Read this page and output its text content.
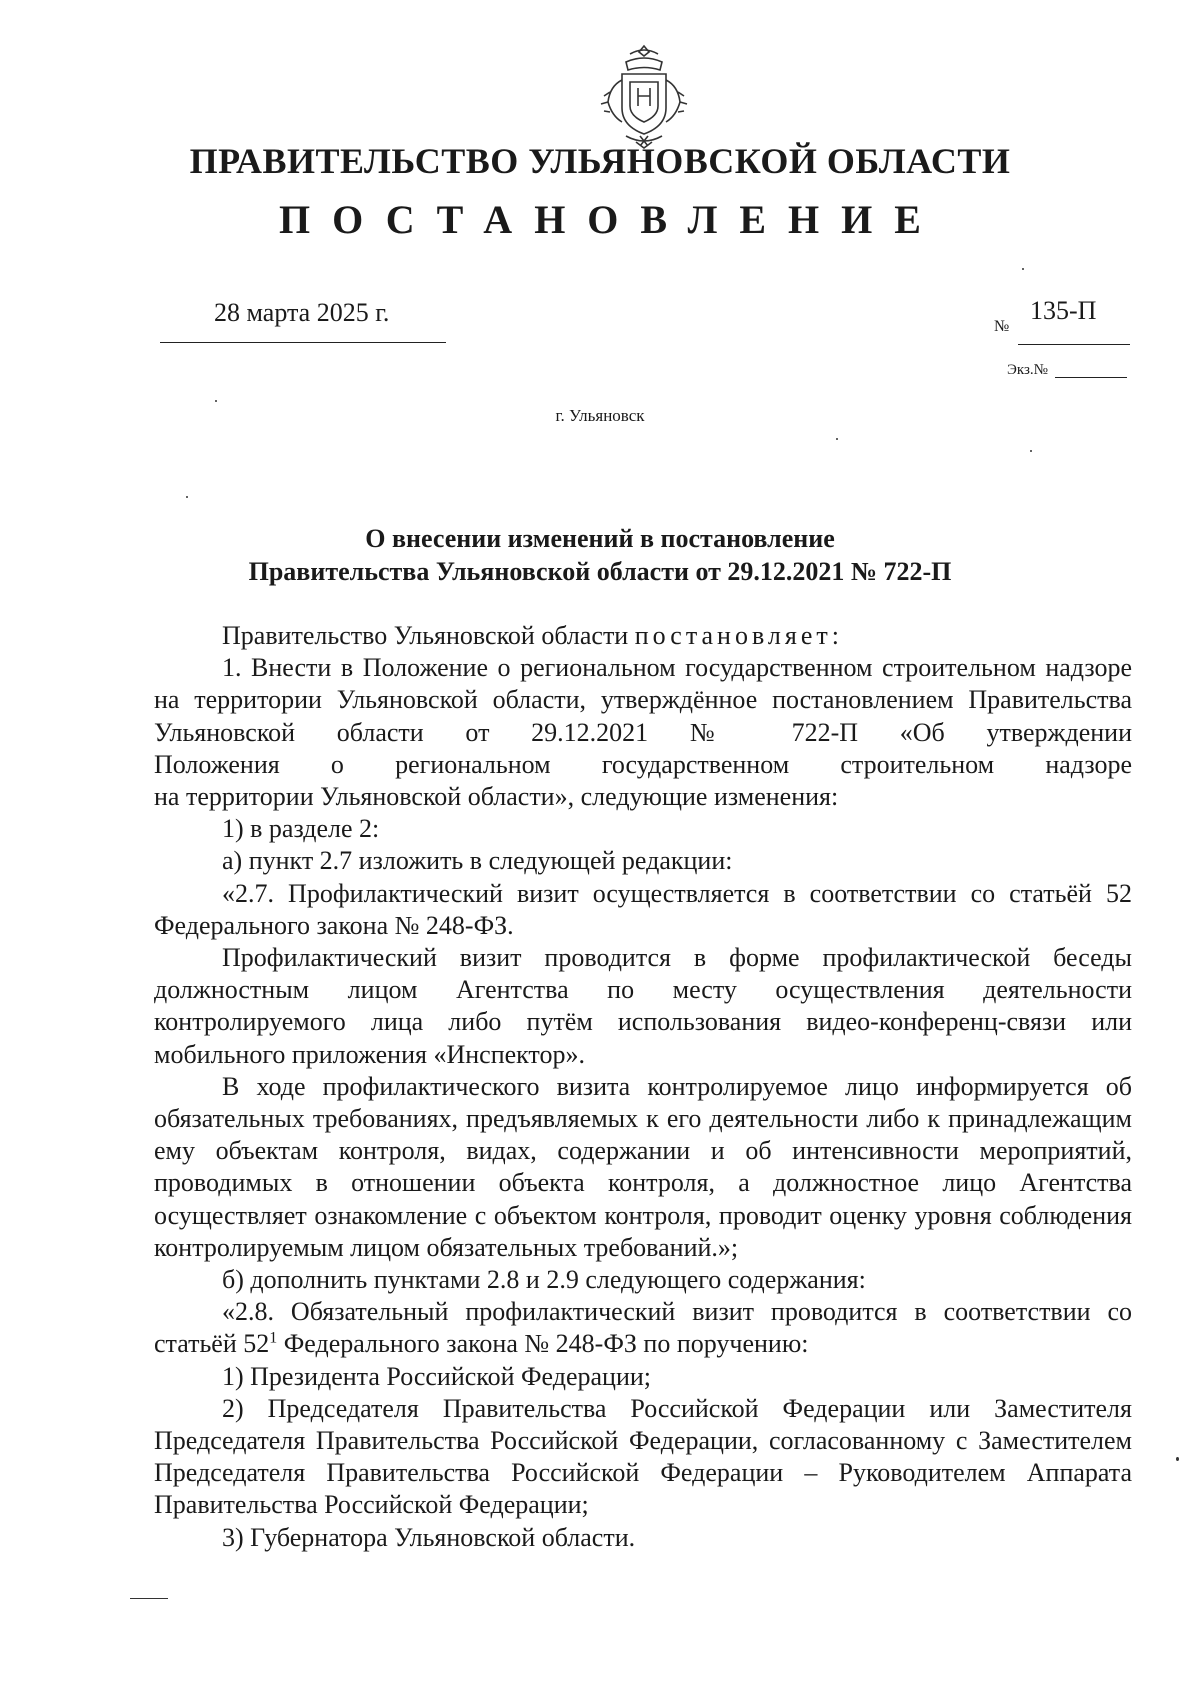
ПРАВИТЕЛЬСТВО УЛЬЯНОВСКОЙ ОБЛАСТИ
ПОСТАНОВЛЕНИЕ
28 марта 2025 г.	№
135-П
Экз.№
г. Ульяновск
О внесении изменений в постановление
Правительства Ульяновской области от 29.12.2021 № 722-П

Правительство Ульяновской области постановляет:

1. Внести в Положение о региональном государственном строительном надзоре на территории Ульяновской области, утверждённое постановлением Правительства Ульяновской области от 29.12.2021 № 722-П «Об утверждении

Положения о региональном государственном строительном надзоре

на территории Ульяновской области», следующие изменения:

1) в разделе 2:

а) пункт 2.7 изложить в следующей редакции:

«2.7. Профилактический визит осуществляется в соответствии со статьёй 52 Федерального закона № 248-ФЗ.

Профилактический визит проводится в форме профилактической беседы должностным лицом Агентства по месту осуществления деятельности контролируемого лица либо путём использования видео-конференц-связи или мобильного приложения «Инспектор».

В ходе профилактического визита контролируемое лицо информируется об обязательных требованиях, предъявляемых к его деятельности либо к принадлежащим ему объектам контроля, видах, содержании и об интенсивности мероприятий, проводимых в отношении объекта контроля, а должностное лицо Агентства осуществляет ознакомление с объектом контроля, проводит оценку уровня соблюдения контролируемым лицом обязательных требований.»;

б) дополнить пунктами 2.8 и 2.9 следующего содержания:

«2.8. Обязательный профилактический визит проводится в соответствии со статьёй $52^1$ Федерального закона № 248-ФЗ по поручению:

1) Президента Российской Федерации;

2) Председателя Правительства Российской Федерации или Заместителя Председателя Правительства Российской Федерации, согласованному с Заместителем Председателя Правительства Российской Федерации – Руководителем Аппарата Правительства Российской Федерации;

3) Губернатора Ульяновской области.
